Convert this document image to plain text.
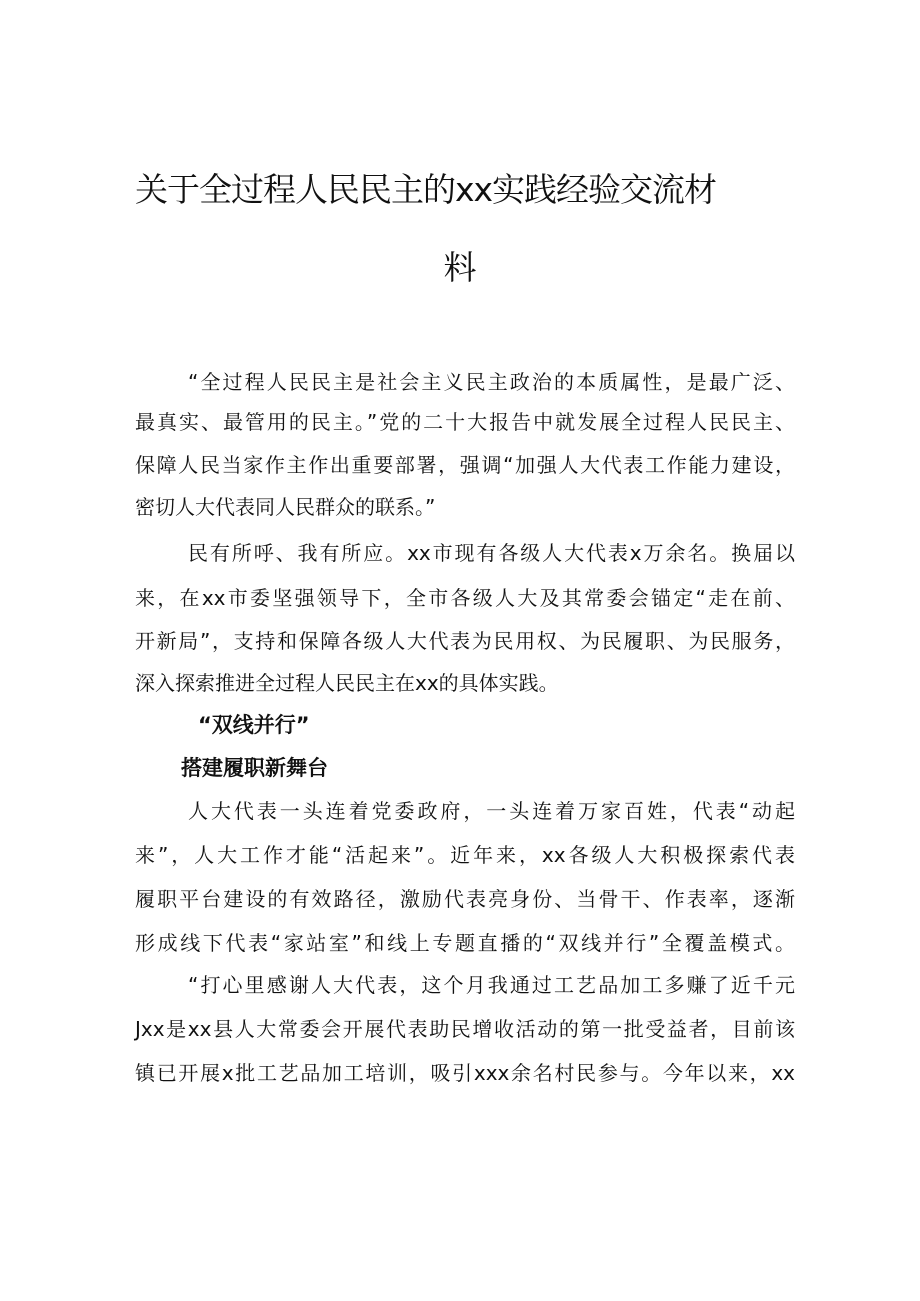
关于全过程人民民主的xx实践经验交流材
料
“全过程人民民主是社会主义民主政治的本质属性，是最广泛、
最真实、最管用的民主。”党的二十大报告中就发展全过程人民民主、
保障人民当家作主作出重要部署，强调“加强人大代表工作能力建设，
密切人大代表同人民群众的联系。”
民有所呼、我有所应。xx市现有各级人大代表x万余名。换届以
来，在xx市委坚强领导下，全市各级人大及其常委会锚定“走在前、
开新局”，支持和保障各级人大代表为民用权、为民履职、为民服务，
深入探索推进全过程人民民主在xx的具体实践。
“双线并行”
搭建履职新舞台
人大代表一头连着党委政府，一头连着万家百姓，代表“动起
来”，人大工作才能“活起来”。近年来，xx各级人大积极探索代表
履职平台建设的有效路径，激励代表亮身份、当骨干、作表率，逐渐
形成线下代表“家站室”和线上专题直播的“双线并行”全覆盖模式。
“打心里感谢人大代表，这个月我通过工艺品加工多赚了近千元
Jxx是xx县人大常委会开展代表助民增收活动的第一批受益者，目前该
镇已开展x批工艺品加工培训，吸引xxx余名村民参与。今年以来，xx
